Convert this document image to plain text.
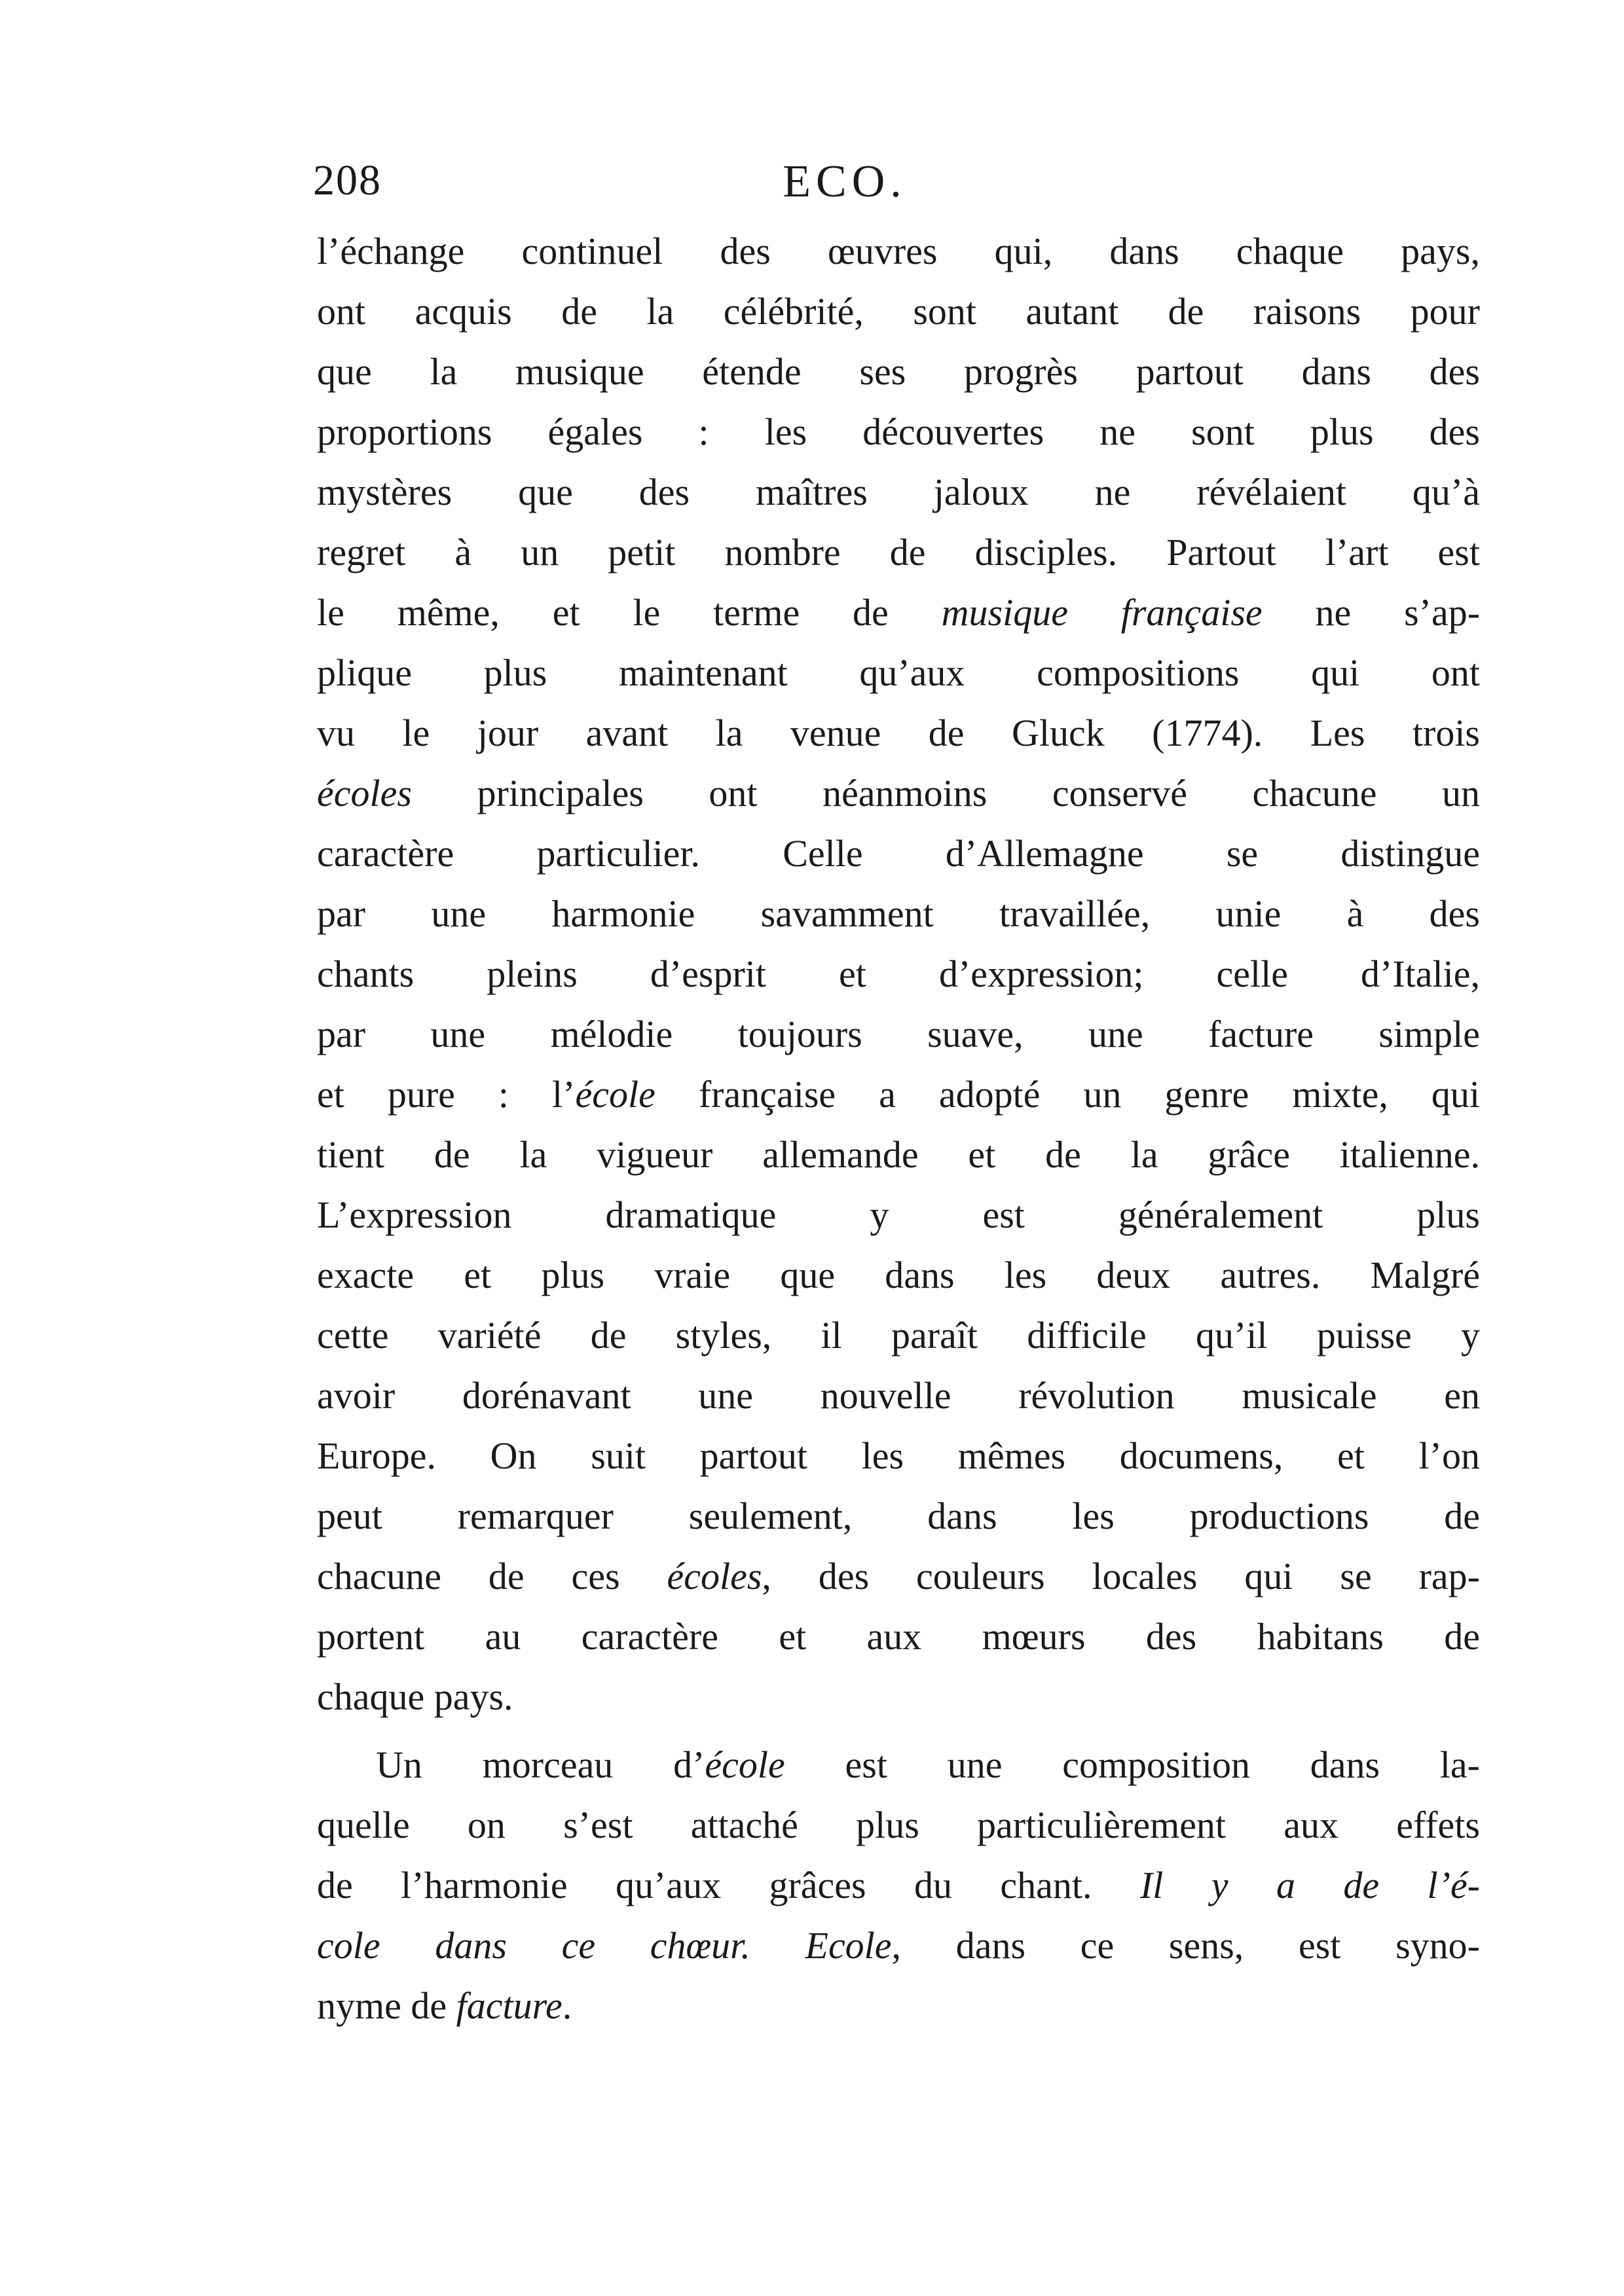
208	ECO.
l’échange continuel des œuvres qui, dans chaque pays,
ont acquis de la célébrité, sont autant de raisons pour
que la musique étende ses progrès partout dans des
proportions égales : les découvertes ne sont plus des
mystères que des maîtres jaloux ne révélaient qu’à
regret à un petit nombre de disciples. Partout l’art est
le même, et le terme de musique française ne s’ap-
plique plus maintenant qu’aux compositions qui ont
vu le jour avant la venue de Gluck (1774). Les trois
écoles principales ont néanmoins conservé chacune un
caractère particulier. Celle d’Allemagne se distingue
par une harmonie savamment travaillée, unie à des
chants pleins d’esprit et d’expression; celle d’Italie,
par une mélodie toujours suave, une facture simple
et pure : l’école française a adopté un genre mixte, qui
tient de la vigueur allemande et de la grâce italienne.
L’expression dramatique y est généralement plus
exacte et plus vraie que dans les deux autres. Malgré
cette variété de styles, il paraît difficile qu’il puisse y
avoir dorénavant une nouvelle révolution musicale en
Europe. On suit partout les mêmes documens, et l’on
peut remarquer seulement, dans les productions de
chacune de ces écoles, des couleurs locales qui se rap-
portent au caractère et aux mœurs des habitans de
chaque pays.
Un morceau d’école est une composition dans la-
quelle on s’est attaché plus particulièrement aux effets
de l’harmonie qu’aux grâces du chant. Il y a de l’é-
cole dans ce chœur. Ecole, dans ce sens, est syno-
nyme de facture.
